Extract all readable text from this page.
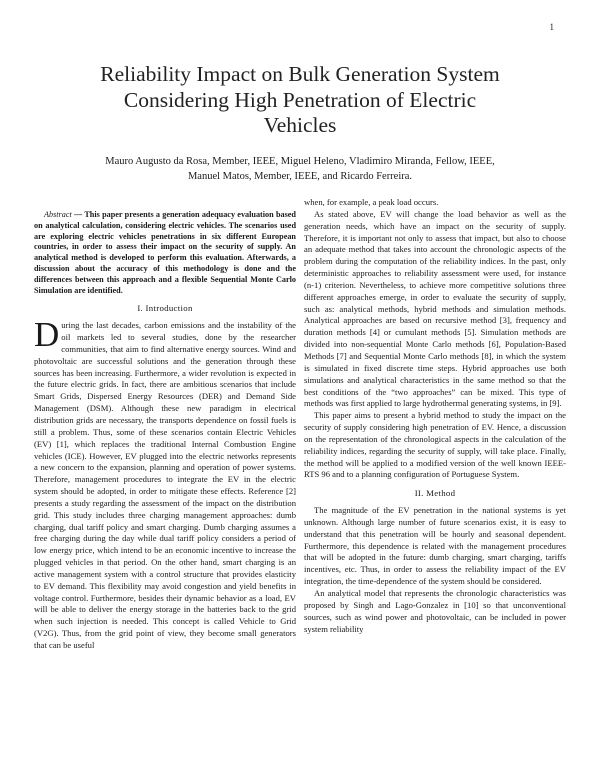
1
Reliability Impact on Bulk Generation System
Considering High Penetration of Electric
Vehicles
Mauro Augusto da Rosa, Member, IEEE, Miguel Heleno, Vladimiro Miranda, Fellow, IEEE,
Manuel Matos, Member, IEEE, and Ricardo Ferreira.

Abstract — This paper presents a generation adequacy evaluation based on analytical calculation, considering electric vehicles. The scenarios used are exploring electric vehicles penetrations in six different European countries, in order to assess their impact on the security of supply. An analytical method is developed to perform this evaluation. Afterwards, a discussion about the accuracy of this methodology is done and the differences between this approach and a flexible Sequential Monte Carlo Simulation are identified.

I. Introduction

During the last decades, carbon emissions and the instability of the oil markets led to several studies, done by the researcher communities, that aim to find alternative energy sources. Wind and photovoltaic are successful solutions and the generation through these sources has been increasing. Furthermore, a wider revolution is expected in the future electric grids. In fact, there are ambitious scenarios that include Smart Grids, Dispersed Energy Resources (DER) and Demand Side Management (DSM). Although these new paradigm in electrical distribution grids are necessary, the transports dependence on fossil fuels is still a problem. Thus, some of these scenarios contain Electric Vehicles (EV) [1], which replaces the traditional Internal Combustion Engine vehicles (ICE). However, EV plugged into the electric networks represents a new concern to the expansion, planning and operation of power systems. Therefore, management procedures to integrate the EV in the electric system should be adopted, in order to mitigate these effects. Reference [2] presents a study regarding the assessment of the impact on the distribution grid. This study includes three charging management approaches: dumb charging, dual tariff policy and smart charging. Dumb charging assumes a free charging during the day while dual tariff policy considers a period of low energy price, which intend to be an economic incentive to increase the plugged vehicles in that period. On the other hand, smart charging is an active management system with a control structure that provides elasticity to EV demand. This flexibility may avoid congestion and yield benefits in voltage control. Furthermore, besides their dynamic behavior as a load, EV will be able to deliver the energy storage in the batteries back to the grid when such injection is needed. This concept is called Vehicle to Grid (V2G). Thus, from the grid point of view, they become small generators that can be useful

when, for example, a peak load occurs.

As stated above, EV will change the load behavior as well as the generation needs, which have an impact on the security of supply. Therefore, it is important not only to assess that impact, but also to choose an adequate method that takes into account the chronologic aspects of the problem during the computation of the reliability indices. In the past, only deterministic approaches to reliability assessment were used, for instance (n-1) criterion. Nevertheless, to achieve more competitive solutions three different approaches emerge, in order to evaluate the security of supply, such as: analytical methods, hybrid methods and simulation methods. Analytical approaches are based on recursive method [3], frequency and duration methods [4] or cumulant methods [5]. Simulation methods are divided into non-sequential Monte Carlo methods [6], Population-Based Methods [7] and Sequential Monte Carlo methods [8], in which the system is simulated in fixed discrete time steps. Hybrid approaches use both simulations and analytical characteristics in the same method so that the best conditions of the “two approaches” can be mixed. This type of methods was first applied to large hydrothermal generating systems, in [9].

This paper aims to present a hybrid method to study the impact on the security of supply considering high penetration of EV. Hence, a discussion on the representation of the chronological aspects in the calculation of the reliability indices, regarding the security of supply, will take place. Finally, the method will be applied to a modified version of the well known IEEE-RTS 96 and to a planning configuration of Portuguese System.

II. Method

The magnitude of the EV penetration in the national systems is yet unknown. Although large number of future scenarios exist, it is easy to understand that this penetration will be hourly and seasonal dependent. Furthermore, this dependence is related with the management procedures that will be adopted in the future: dumb charging, smart charging, tariffs incentives, etc. Thus, in order to assess the reliability impact of the EV integration, the time-dependence of the system should be considered.

An analytical model that represents the chronologic characteristics was proposed by Singh and Lago-Gonzalez in [10] so that unconventional sources, such as wind power and photovoltaic, can be included in power system reliability
